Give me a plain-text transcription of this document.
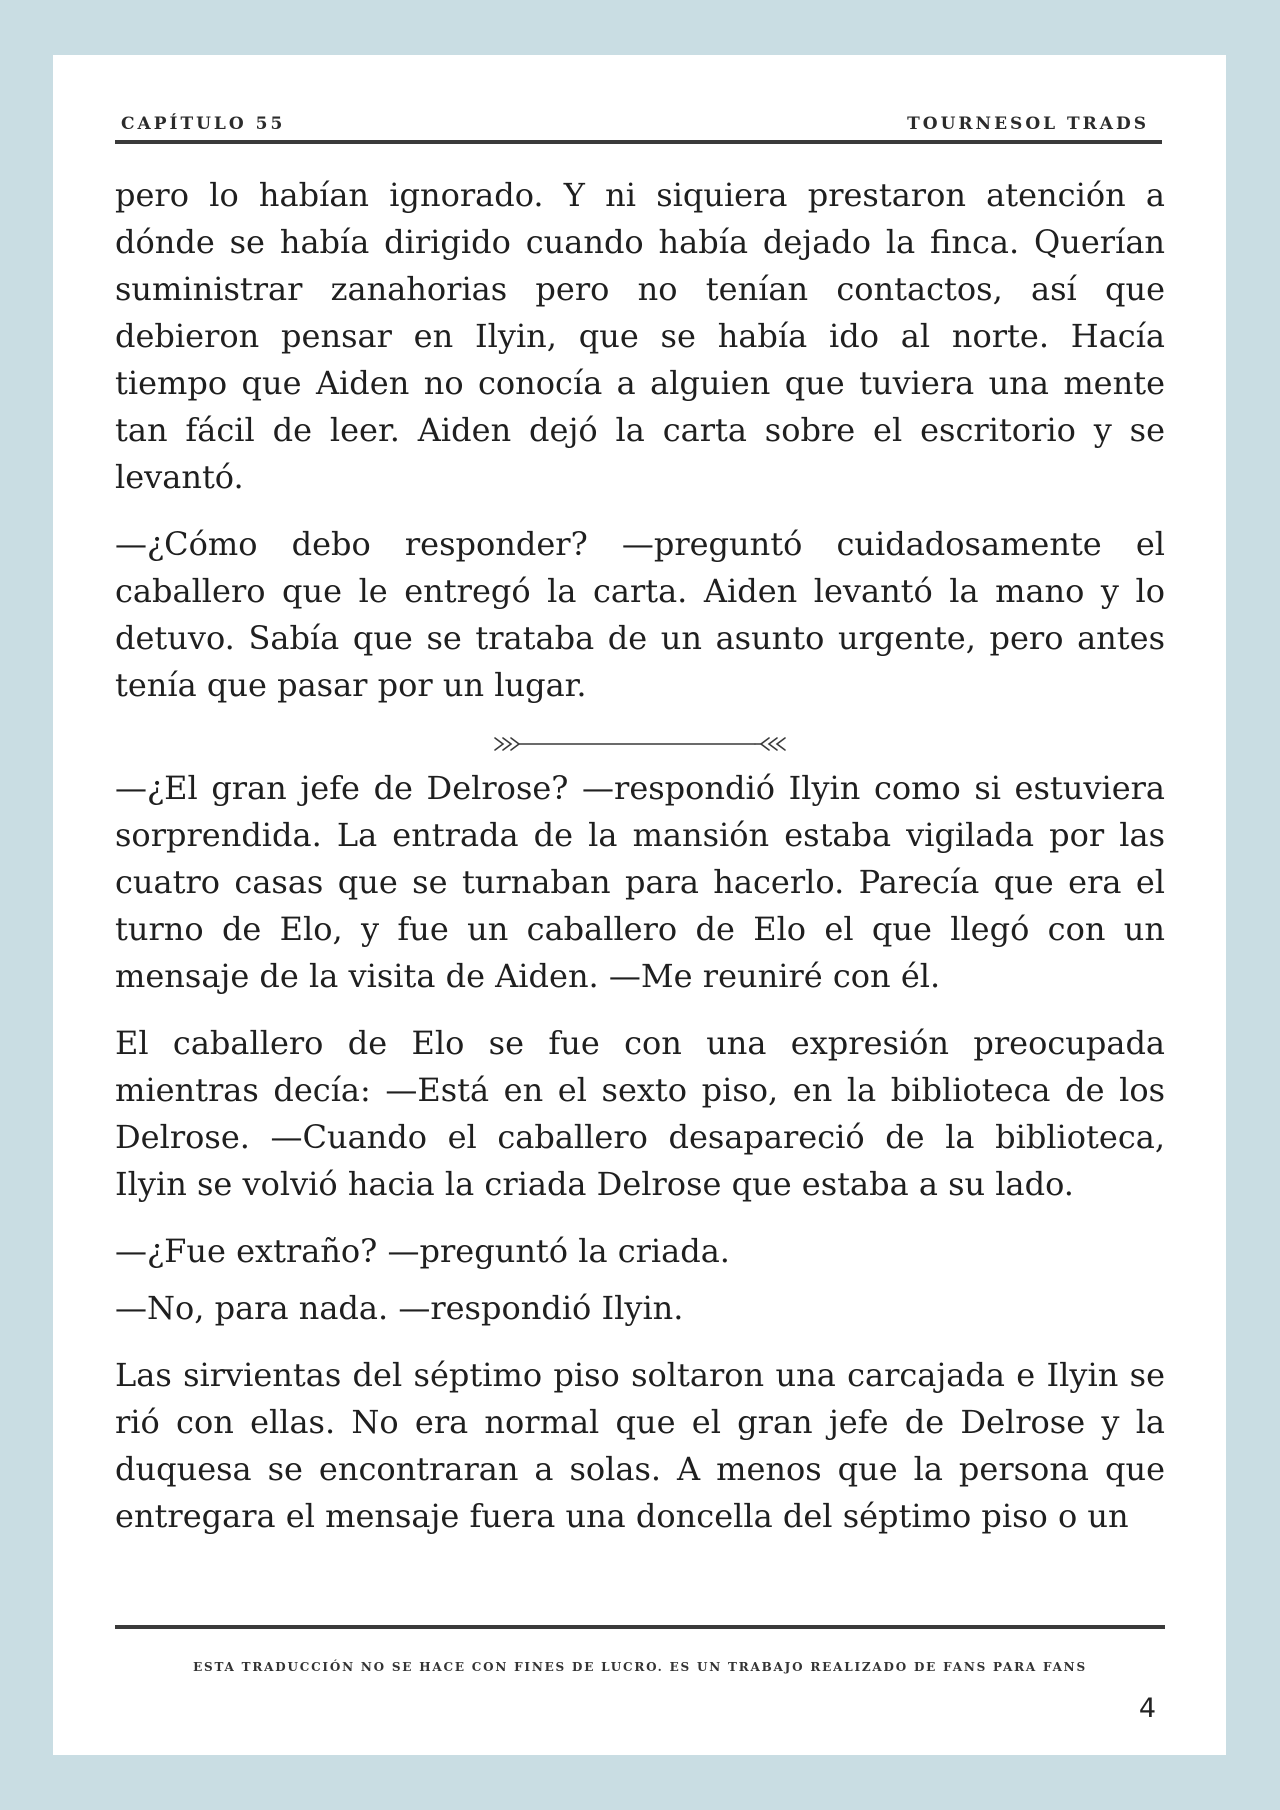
CAPÍTULO 55	TOURNESOL TRADS

pero lo habían ignorado. Y ni siquiera prestaron atención a dónde se había dirigido cuando había dejado la finca. Querían suministrar zanahorias pero no tenían contactos, así que debieron pensar en Ilyin, que se había ido al norte. Hacía tiempo que Aiden no conocía a alguien que tuviera una mente tan fácil de leer. Aiden dejó la carta sobre el escritorio y se levantó.

—¿Cómo debo responder? —preguntó cuidadosamente el caballero que le entregó la carta. Aiden levantó la mano y lo detuvo. Sabía que se trataba de un asunto urgente, pero antes tenía que pasar por un lugar.

—¿El gran jefe de Delrose? —respondió Ilyin como si estuviera sorprendida. La entrada de la mansión estaba vigilada por las cuatro casas que se turnaban para hacerlo. Parecía que era el turno de Elo, y fue un caballero de Elo el que llegó con un mensaje de la visita de Aiden. —Me reuniré con él.

El caballero de Elo se fue con una expresión preocupada mientras decía: —Está en el sexto piso, en la biblioteca de los Delrose. —Cuando el caballero desapareció de la biblioteca, Ilyin se volvió hacia la criada Delrose que estaba a su lado.

—¿Fue extraño? —preguntó la criada.

—No, para nada. —respondió Ilyin.

Las sirvientas del séptimo piso soltaron una carcajada e Ilyin se rió con ellas. No era normal que el gran jefe de Delrose y la duquesa se encontraran a solas. A menos que la persona que entregara el mensaje fuera una doncella del séptimo piso o un

ESTA TRADUCCIÓN NO SE HACE CON FINES DE LUCRO. ES UN TRABAJO REALIZADO DE FANS PARA FANS
4
